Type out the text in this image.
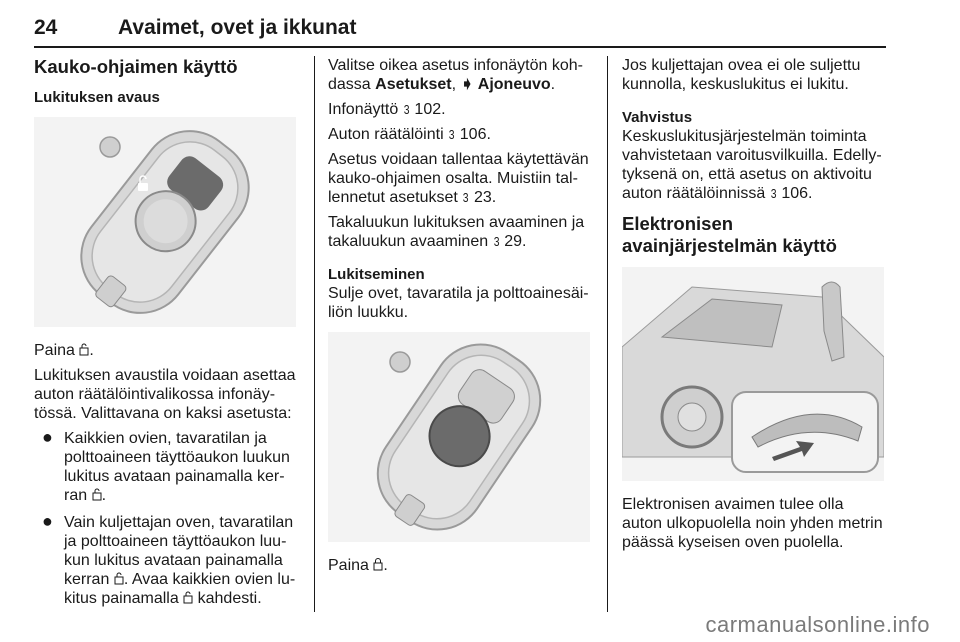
24	Avaimet, ovet ja ikkunat
Kauko-ohjaimen käyttö
Lukituksen avaus

Paina .

Lukituksen avaustila voidaan asettaa auton räätälöintivalikossa infonäytössä. Valittavana on kaksi asetusta:

● Kaikkien ovien, tavaratilan ja polttoaineen täyttöaukon luukun lukitus avataan painamalla kerran .
● Vain kuljettajan oven, tavaratilan ja polttoaineen täyttöaukon luukun lukitus avataan painamalla kerran . Avaa kaikkien ovien lukitus painamalla  kahdesti.

Valitse oikea asetus infonäytön kohdassa Asetukset, ➧ Ajoneuvo.

Infonäyttö 3 102.

Auton räätälöinti 3 106.

Asetus voidaan tallentaa käytettävän kauko-ohjaimen osalta. Muistiin tallennetut asetukset 3 23.

Takaluukun lukituksen avaaminen ja takaluukun avaaminen 3 29.

Lukitseminen

Sulje ovet, tavaratila ja polttoainesäiliön luukku.

Paina .

Jos kuljettajan ovea ei ole suljettu kunnolla, keskuslukitus ei lukitu.

Vahvistus

Keskuslukitusjärjestelmän toiminta vahvistetaan varoitusvilkuilla. Edellytyksenä on, että asetus on aktivoitu auton räätälöinnissä 3 106.

Elektronisen avainjärjestelmän käyttö

Elektronisen avaimen tulee olla auton ulkopuolella noin yhden metrin päässä kyseisen oven puolella.

carmanualsonline.info
